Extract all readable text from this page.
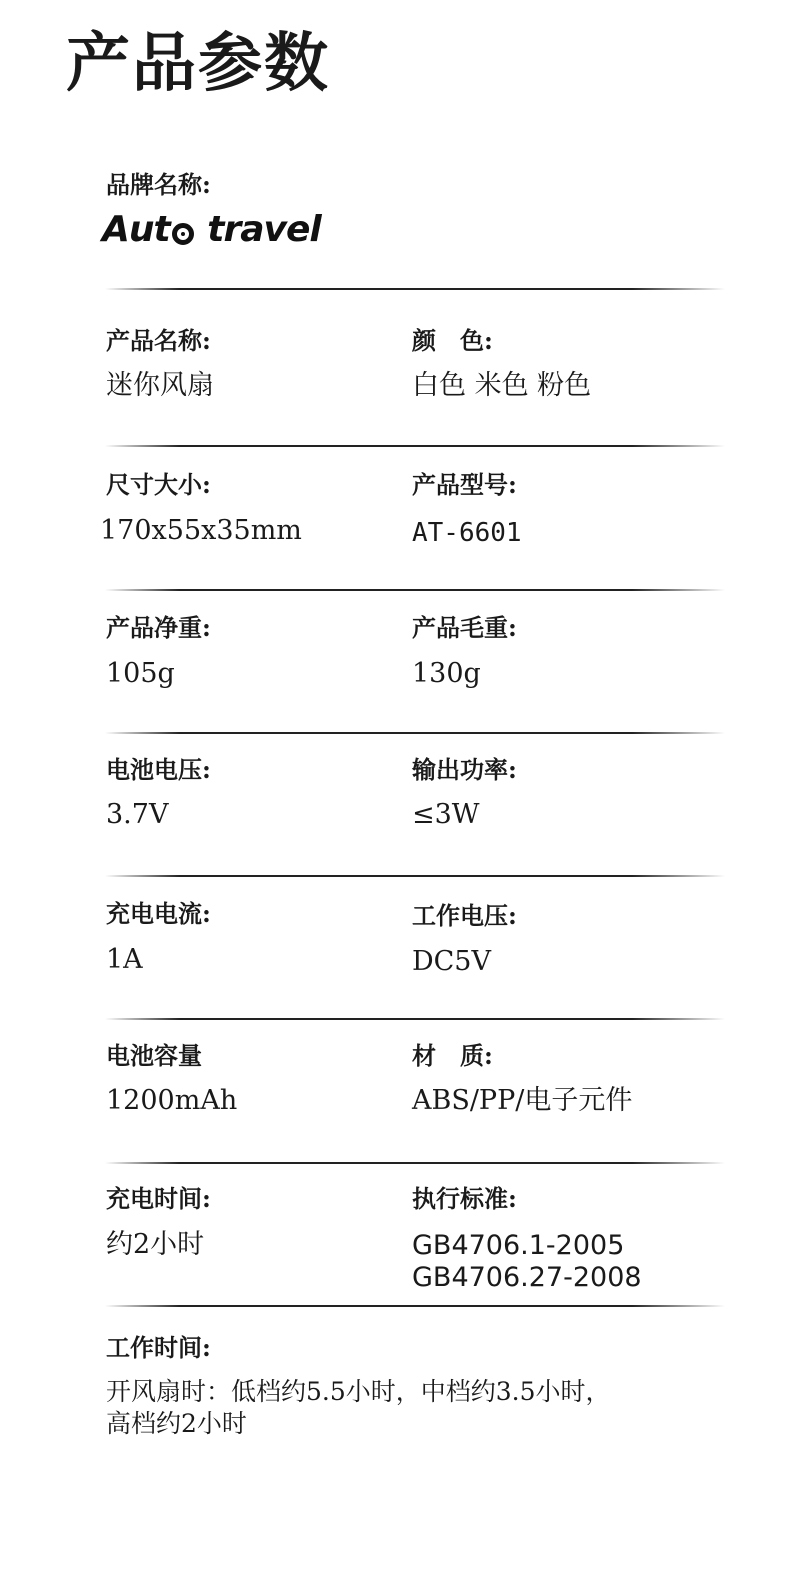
产品参数
品牌名称:
Aut travel
产品名称:
迷你风扇
颜　色:
白色 米色 粉色
尺寸大小:
170x55x35mm
产品型号:
AT-6601
产品净重:
105g
产品毛重:
130g
电池电压:
3.7V
输出功率:
≤3W
充电电流:
1A
工作电压:
DC5V
电池容量
1200mAh
材　质:
ABS/PP/电子元件
充电时间:
约2小时
执行标准:
GB4706.1-2005
GB4706.27-2008
工作时间:
开风扇时：低档约5.5小时，中档约3.5小时，
高档约2小时
